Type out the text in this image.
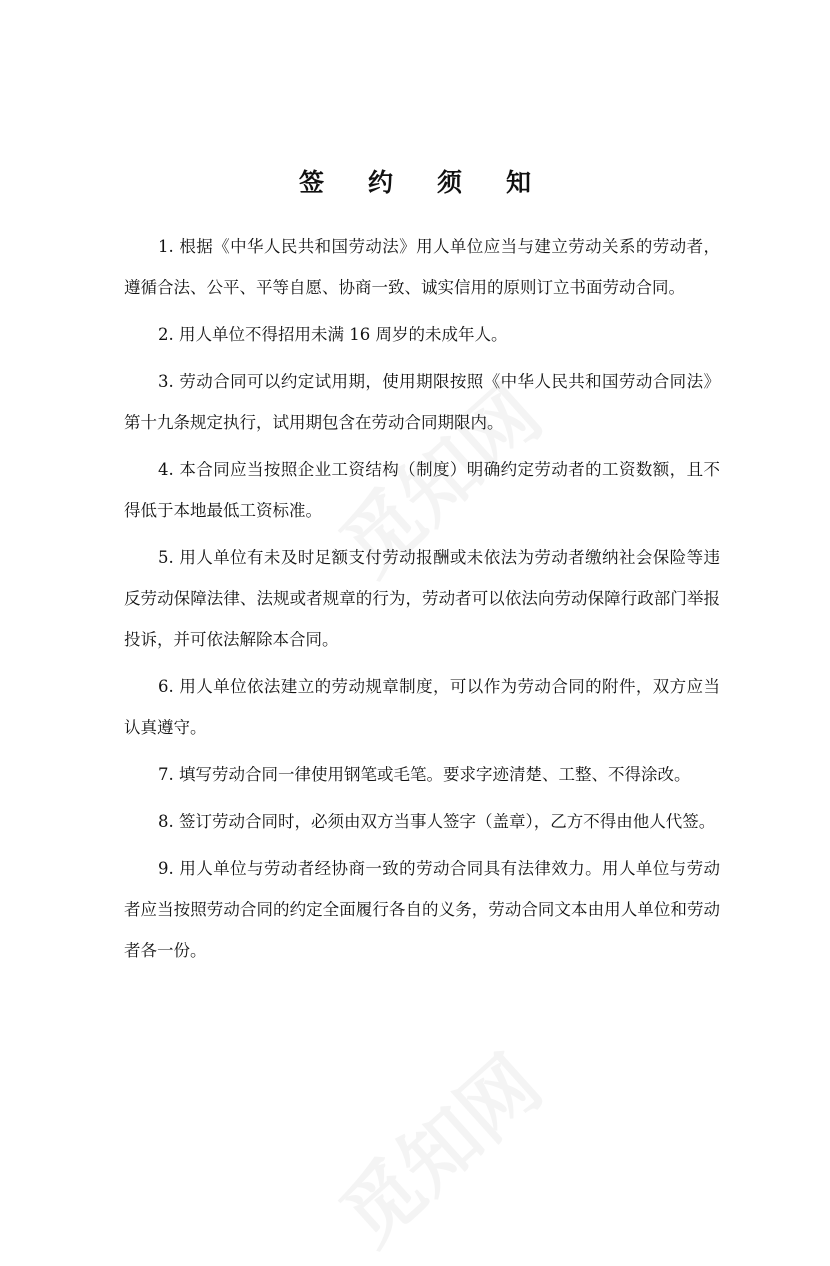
签约须知

1. 根据《中华人民共和国劳动法》用人单位应当与建立劳动关系的劳动者，遵循合法、公平、平等自愿、协商一致、诚实信用的原则订立书面劳动合同。

2. 用人单位不得招用未满 16 周岁的未成年人。

3. 劳动合同可以约定试用期，使用期限按照《中华人民共和国劳动合同法》第十九条规定执行，试用期包含在劳动合同期限内。

4. 本合同应当按照企业工资结构（制度）明确约定劳动者的工资数额，且不得低于本地最低工资标准。

5. 用人单位有未及时足额支付劳动报酬或未依法为劳动者缴纳社会保险等违反劳动保障法律、法规或者规章的行为，劳动者可以依法向劳动保障行政部门举报投诉，并可依法解除本合同。

6. 用人单位依法建立的劳动规章制度，可以作为劳动合同的附件，双方应当认真遵守。

7. 填写劳动合同一律使用钢笔或毛笔。要求字迹清楚、工整、不得涂改。

8. 签订劳动合同时，必须由双方当事人签字（盖章），乙方不得由他人代签。

9. 用人单位与劳动者经协商一致的劳动合同具有法律效力。用人单位与劳动者应当按照劳动合同的约定全面履行各自的义务，劳动合同文本由用人单位和劳动者各一份。
